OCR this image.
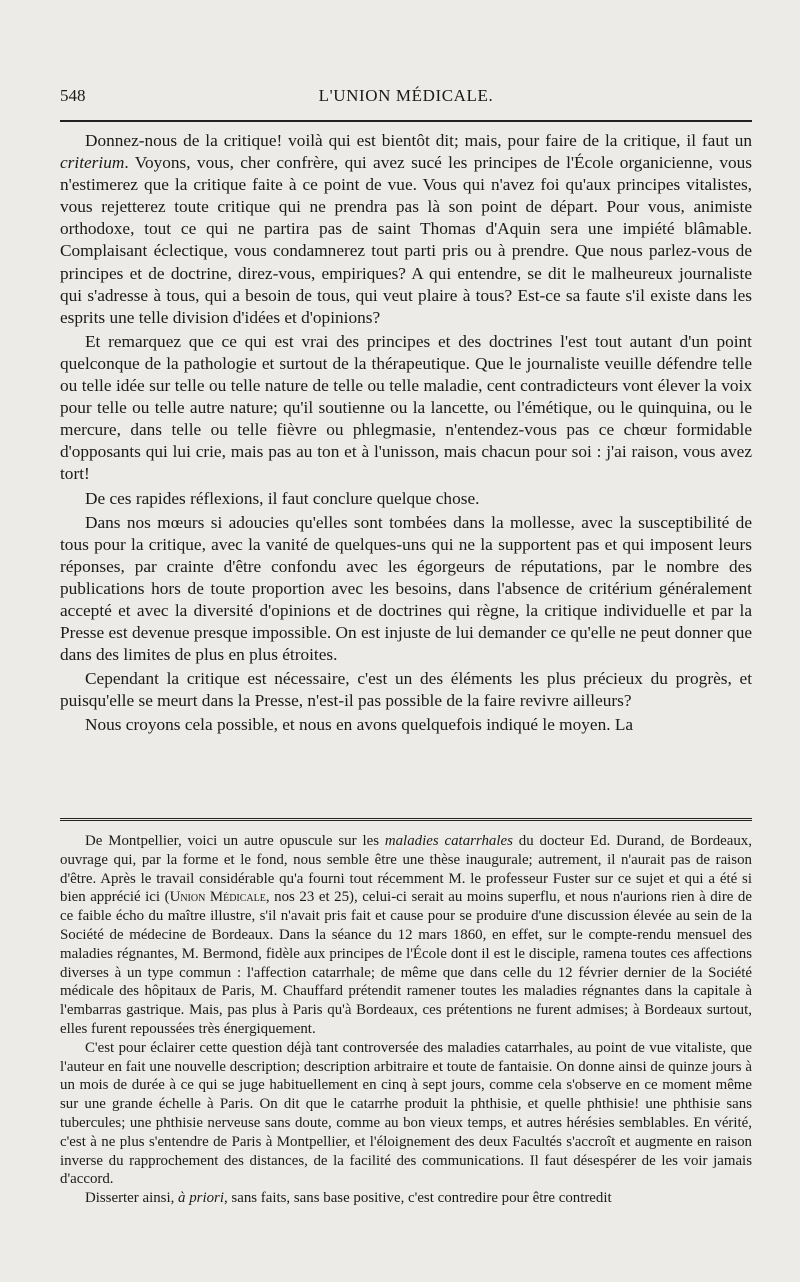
548	L'UNION MÉDICALE.

Donnez-nous de la critique! voilà qui est bientôt dit; mais, pour faire de la critique, il faut un criterium. Voyons, vous, cher confrère, qui avez sucé les principes de l'École organicienne, vous n'estimerez que la critique faite à ce point de vue. Vous qui n'avez foi qu'aux principes vitalistes, vous rejetterez toute critique qui ne prendra pas là son point de départ. Pour vous, animiste orthodoxe, tout ce qui ne partira pas de saint Thomas d'Aquin sera une impiété blâmable. Complaisant éclectique, vous condamnerez tout parti pris ou à prendre. Que nous parlez-vous de principes et de doctrine, direz-vous, empiriques? A qui entendre, se dit le malheureux journaliste qui s'adresse à tous, qui a besoin de tous, qui veut plaire à tous? Est-ce sa faute s'il existe dans les esprits une telle division d'idées et d'opinions?

Et remarquez que ce qui est vrai des principes et des doctrines l'est tout autant d'un point quelconque de la pathologie et surtout de la thérapeutique. Que le journaliste veuille défendre telle ou telle idée sur telle ou telle nature de telle ou telle maladie, cent contradicteurs vont élever la voix pour telle ou telle autre nature; qu'il soutienne ou la lancette, ou l'émétique, ou le quinquina, ou le mercure, dans telle ou telle fièvre ou phlegmasie, n'entendez-vous pas ce chœur formidable d'opposants qui lui crie, mais pas au ton et à l'unisson, mais chacun pour soi : j'ai raison, vous avez tort!

De ces rapides réflexions, il faut conclure quelque chose.

Dans nos mœurs si adoucies qu'elles sont tombées dans la mollesse, avec la susceptibilité de tous pour la critique, avec la vanité de quelques-uns qui ne la supportent pas et qui imposent leurs réponses, par crainte d'être confondu avec les égorgeurs de réputations, par le nombre des publications hors de toute proportion avec les besoins, dans l'absence de critérium généralement accepté et avec la diversité d'opinions et de doctrines qui règne, la critique individuelle et par la Presse est devenue presque impossible. On est injuste de lui demander ce qu'elle ne peut donner que dans des limites de plus en plus étroites.

Cependant la critique est nécessaire, c'est un des éléments les plus précieux du progrès, et puisqu'elle se meurt dans la Presse, n'est-il pas possible de la faire revivre ailleurs?

Nous croyons cela possible, et nous en avons quelquefois indiqué le moyen. La

De Montpellier, voici un autre opuscule sur les maladies catarrhales du docteur Ed. Durand, de Bordeaux, ouvrage qui, par la forme et le fond, nous semble être une thèse inaugurale; autrement, il n'aurait pas de raison d'être. Après le travail considérable qu'a fourni tout récemment M. le professeur Fuster sur ce sujet et qui a été si bien apprécié ici (Union Médicale, nos 23 et 25), celui-ci serait au moins superflu, et nous n'aurions rien à dire de ce faible écho du maître illustre, s'il n'avait pris fait et cause pour se produire d'une discussion élevée au sein de la Société de médecine de Bordeaux. Dans la séance du 12 mars 1860, en effet, sur le compte-rendu mensuel des maladies régnantes, M. Bermond, fidèle aux principes de l'École dont il est le disciple, ramena toutes ces affections diverses à un type commun : l'affection catarrhale; de même que dans celle du 12 février dernier de la Société médicale des hôpitaux de Paris, M. Chauffard prétendit ramener toutes les maladies régnantes dans la capitale à l'embarras gastrique. Mais, pas plus à Paris qu'à Bordeaux, ces prétentions ne furent admises; à Bordeaux surtout, elles furent repoussées très énergiquement.

C'est pour éclairer cette question déjà tant controversée des maladies catarrhales, au point de vue vitaliste, que l'auteur en fait une nouvelle description; description arbitraire et toute de fantaisie. On donne ainsi de quinze jours à un mois de durée à ce qui se juge habituellement en cinq à sept jours, comme cela s'observe en ce moment même sur une grande échelle à Paris. On dit que le catarrhe produit la phthisie, et quelle phthisie! une phthisie sans tubercules; une phthisie nerveuse sans doute, comme au bon vieux temps, et autres hérésies semblables. En vérité, c'est à ne plus s'entendre de Paris à Montpellier, et l'éloignement des deux Facultés s'accroît et augmente en raison inverse du rapprochement des distances, de la facilité des communications. Il faut désespérer de les voir jamais d'accord.

Disserter ainsi, à priori, sans faits, sans base positive, c'est contredire pour être contredit
